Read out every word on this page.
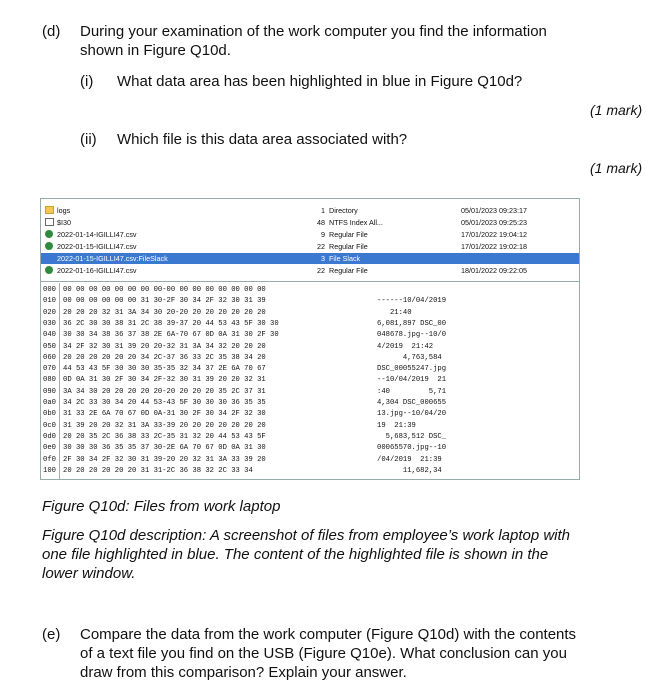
(d) During your examination of the work computer you find the information
shown in Figure Q10d.
(i) What data area has been highlighted in blue in Figure Q10d?
(1 mark)
(ii) Which file is this data area associated with?
(1 mark)
logs	1 Directory	05/01/2023 09:23:17
$I30	48 NTFS Index All...	05/01/2023 09:25:23
2022-01-14-IGILLI47.csv	9 Regular File	17/01/2022 19:04:12
2022-01-15-IGILLI47.csv	22 Regular File	17/01/2022 19:02:18
2022-01-15-IGILLI47.csv:FileSlack	3 File Slack
2022-01-16-IGILLI47.csv	22 Regular File	18/01/2022 09:22:05
000 00 00 00 00 00 00 00 00-00 00 00 00 00 00 00 00
010 00 00 00 00 00 00 31 30-2F 30 34 2F 32 30 31 39	------10/04/2019
020 20 20 20 32 31 3A 34 30 20-20 20 20 20 20 20 20	21:40
030 36 2C 30 30 38 31 2C 38 39-37 20 44 53 43 5F 30 30	6,081,897 DSC_00
040 30 30 34 38 36 37 38 2E 6A-70 67 0D 0A 31 30 2F 30	048678.jpg--10/0
050 34 2F 32 30 31 39 20 20-32 31 3A 34 32 20 20 20	4/2019  21:42
060 20 20 20 20 20 20 34 2C-37 36 33 2C 35 38 34 20	4,763,584
070 44 53 43 5F 30 30 30 35-35 32 34 37 2E 6A 70 67	DSC_00055247.jpg
080 0D 0A 31 30 2F 30 34 2F-32 30 31 39 20 20 32 31	--10/04/2019  21
090 3A 34 30 20 20 20 20 20-20 20 20 20 35 2C 37 31	:40         5,71
0a0 34 2C 33 30 34 20 44 53-43 5F 30 30 30 36 35 35	4,304 DSC_000655
0b0 31 33 2E 6A 70 67 0D 0A-31 30 2F 30 34 2F 32 30	13.jpg--10/04/20
0c0 31 39 20 20 32 31 3A 33-39 20 20 20 20 20 20 20	19  21:39
0d0 20 20 35 2C 36 38 33 2C-35 31 32 20 44 53 43 5F	5,683,512 DSC_
0e0 30 30 30 36 35 35 37 30-2E 6A 70 67 0D 0A 31 30	00065570.jpg--10
0f0 2F 30 34 2F 32 30 31 39-20 20 32 31 3A 33 39 20	/04/2019  21:39
100 20 20 20 20 20 20 31 31-2C 36 38 32 2C 33 34	11,682,34
Figure Q10d: Files from work laptop
Figure Q10d description: A screenshot of files from employee’s work laptop with
one file highlighted in blue. The content of the highlighted file is shown in the
lower window.
(e) Compare the data from the work computer (Figure Q10d) with the contents
of a text file you find on the USB (Figure Q10e). What conclusion can you
draw from this comparison? Explain your answer.
